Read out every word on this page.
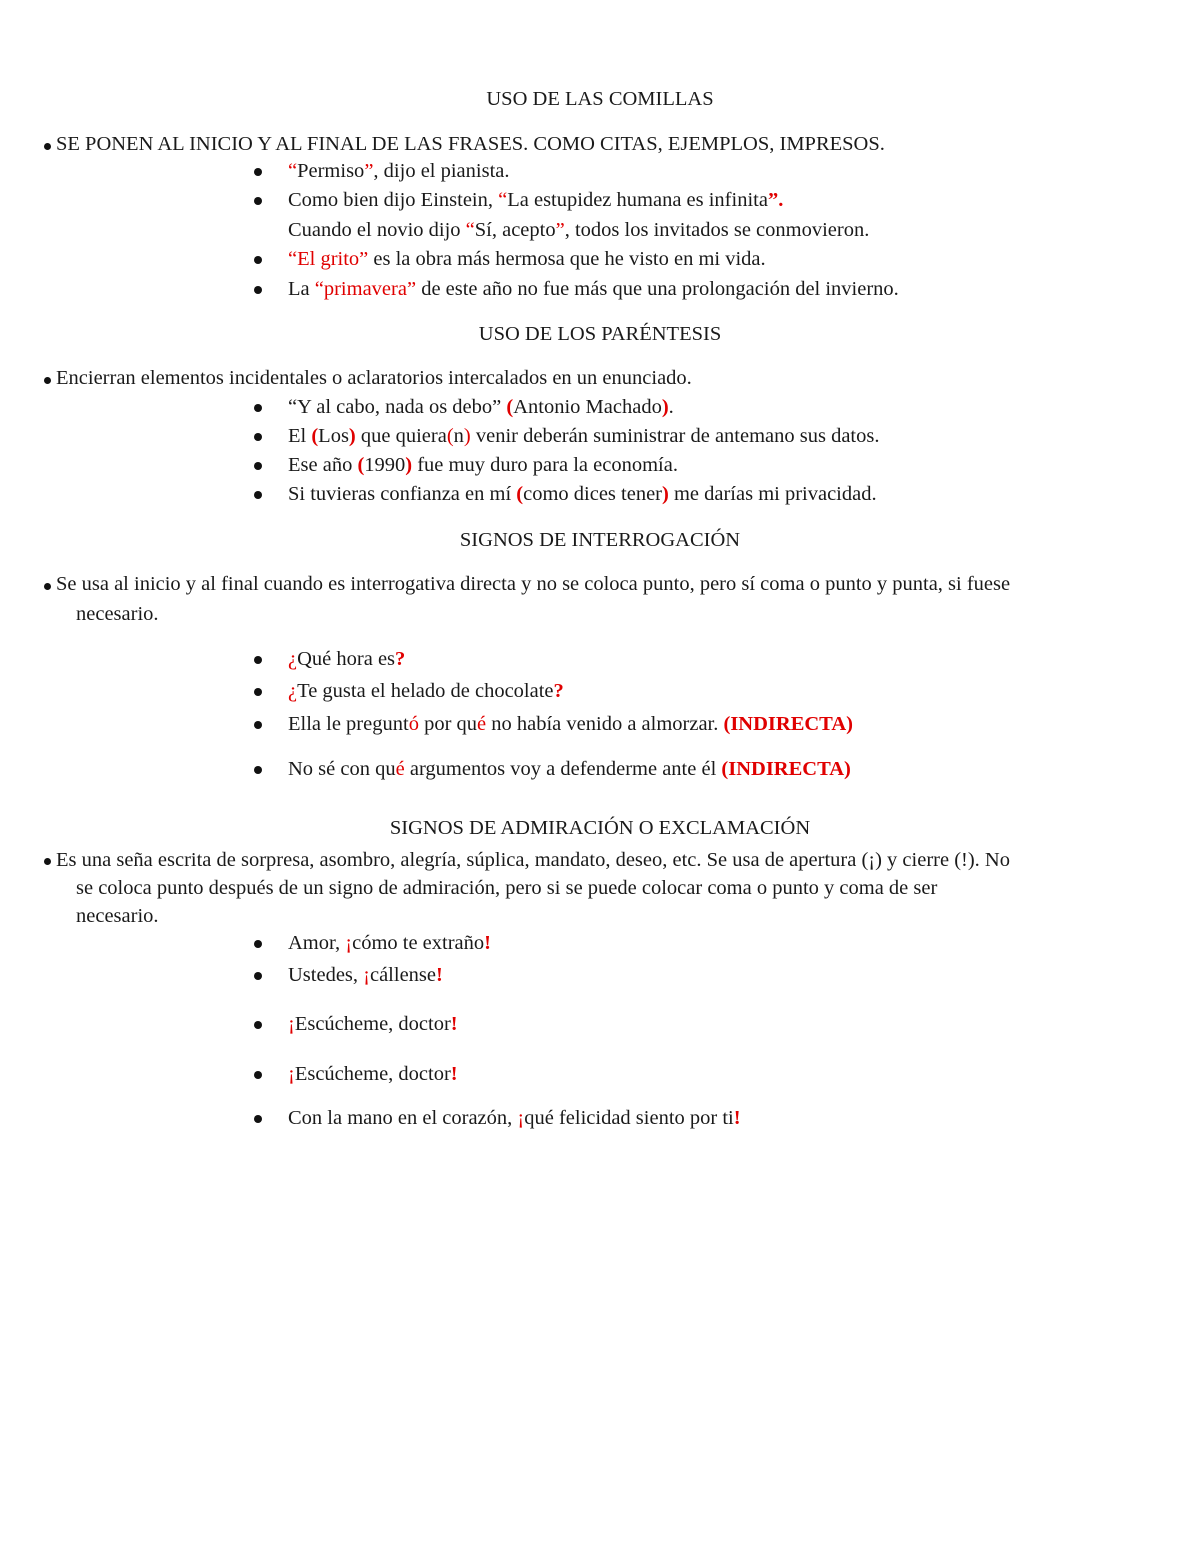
USO DE LAS COMILLAS
SE PONEN AL INICIO Y AL FINAL DE LAS FRASES. COMO CITAS, EJEMPLOS, IMPRESOS.
“Permiso”, dijo el pianista.
Como bien dijo Einstein, “La estupidez humana es infinita”.
Cuando el novio dijo “Sí, acepto”, todos los invitados se conmovieron.
“El grito” es la obra más hermosa que he visto en mi vida.
La “primavera” de este año no fue más que una prolongación del invierno.
USO DE LOS PARÉNTESIS
Encierran elementos incidentales o aclaratorios intercalados en un enunciado.
“Y al cabo, nada os debo” (Antonio Machado).
El (Los) que quiera(n) venir deberán suministrar de antemano sus datos.
Ese año (1990) fue muy duro para la economía.
Si tuvieras confianza en mí (como dices tener) me darías mi privacidad.
SIGNOS DE INTERROGACIÓN
Se usa al inicio y al final cuando es interrogativa directa y no se coloca punto, pero sí coma o punto y punta, si fuese
necesario.
¿Qué hora es?
¿Te gusta el helado de chocolate?
Ella le preguntó por qué no había venido a almorzar. (INDIRECTA)
No sé con qué argumentos voy a defenderme ante él (INDIRECTA)
SIGNOS DE ADMIRACIÓN O EXCLAMACIÓN
Es una seña escrita de sorpresa, asombro, alegría, súplica, mandato, deseo, etc. Se usa de apertura (¡) y cierre (!). No
se coloca punto después de un signo de admiración, pero si se puede colocar coma o punto y coma de ser
necesario.
Amor, ¡cómo te extraño!
Ustedes, ¡cállense!
¡Escúcheme, doctor!
¡Escúcheme, doctor!
Con la mano en el corazón, ¡qué felicidad siento por ti!
